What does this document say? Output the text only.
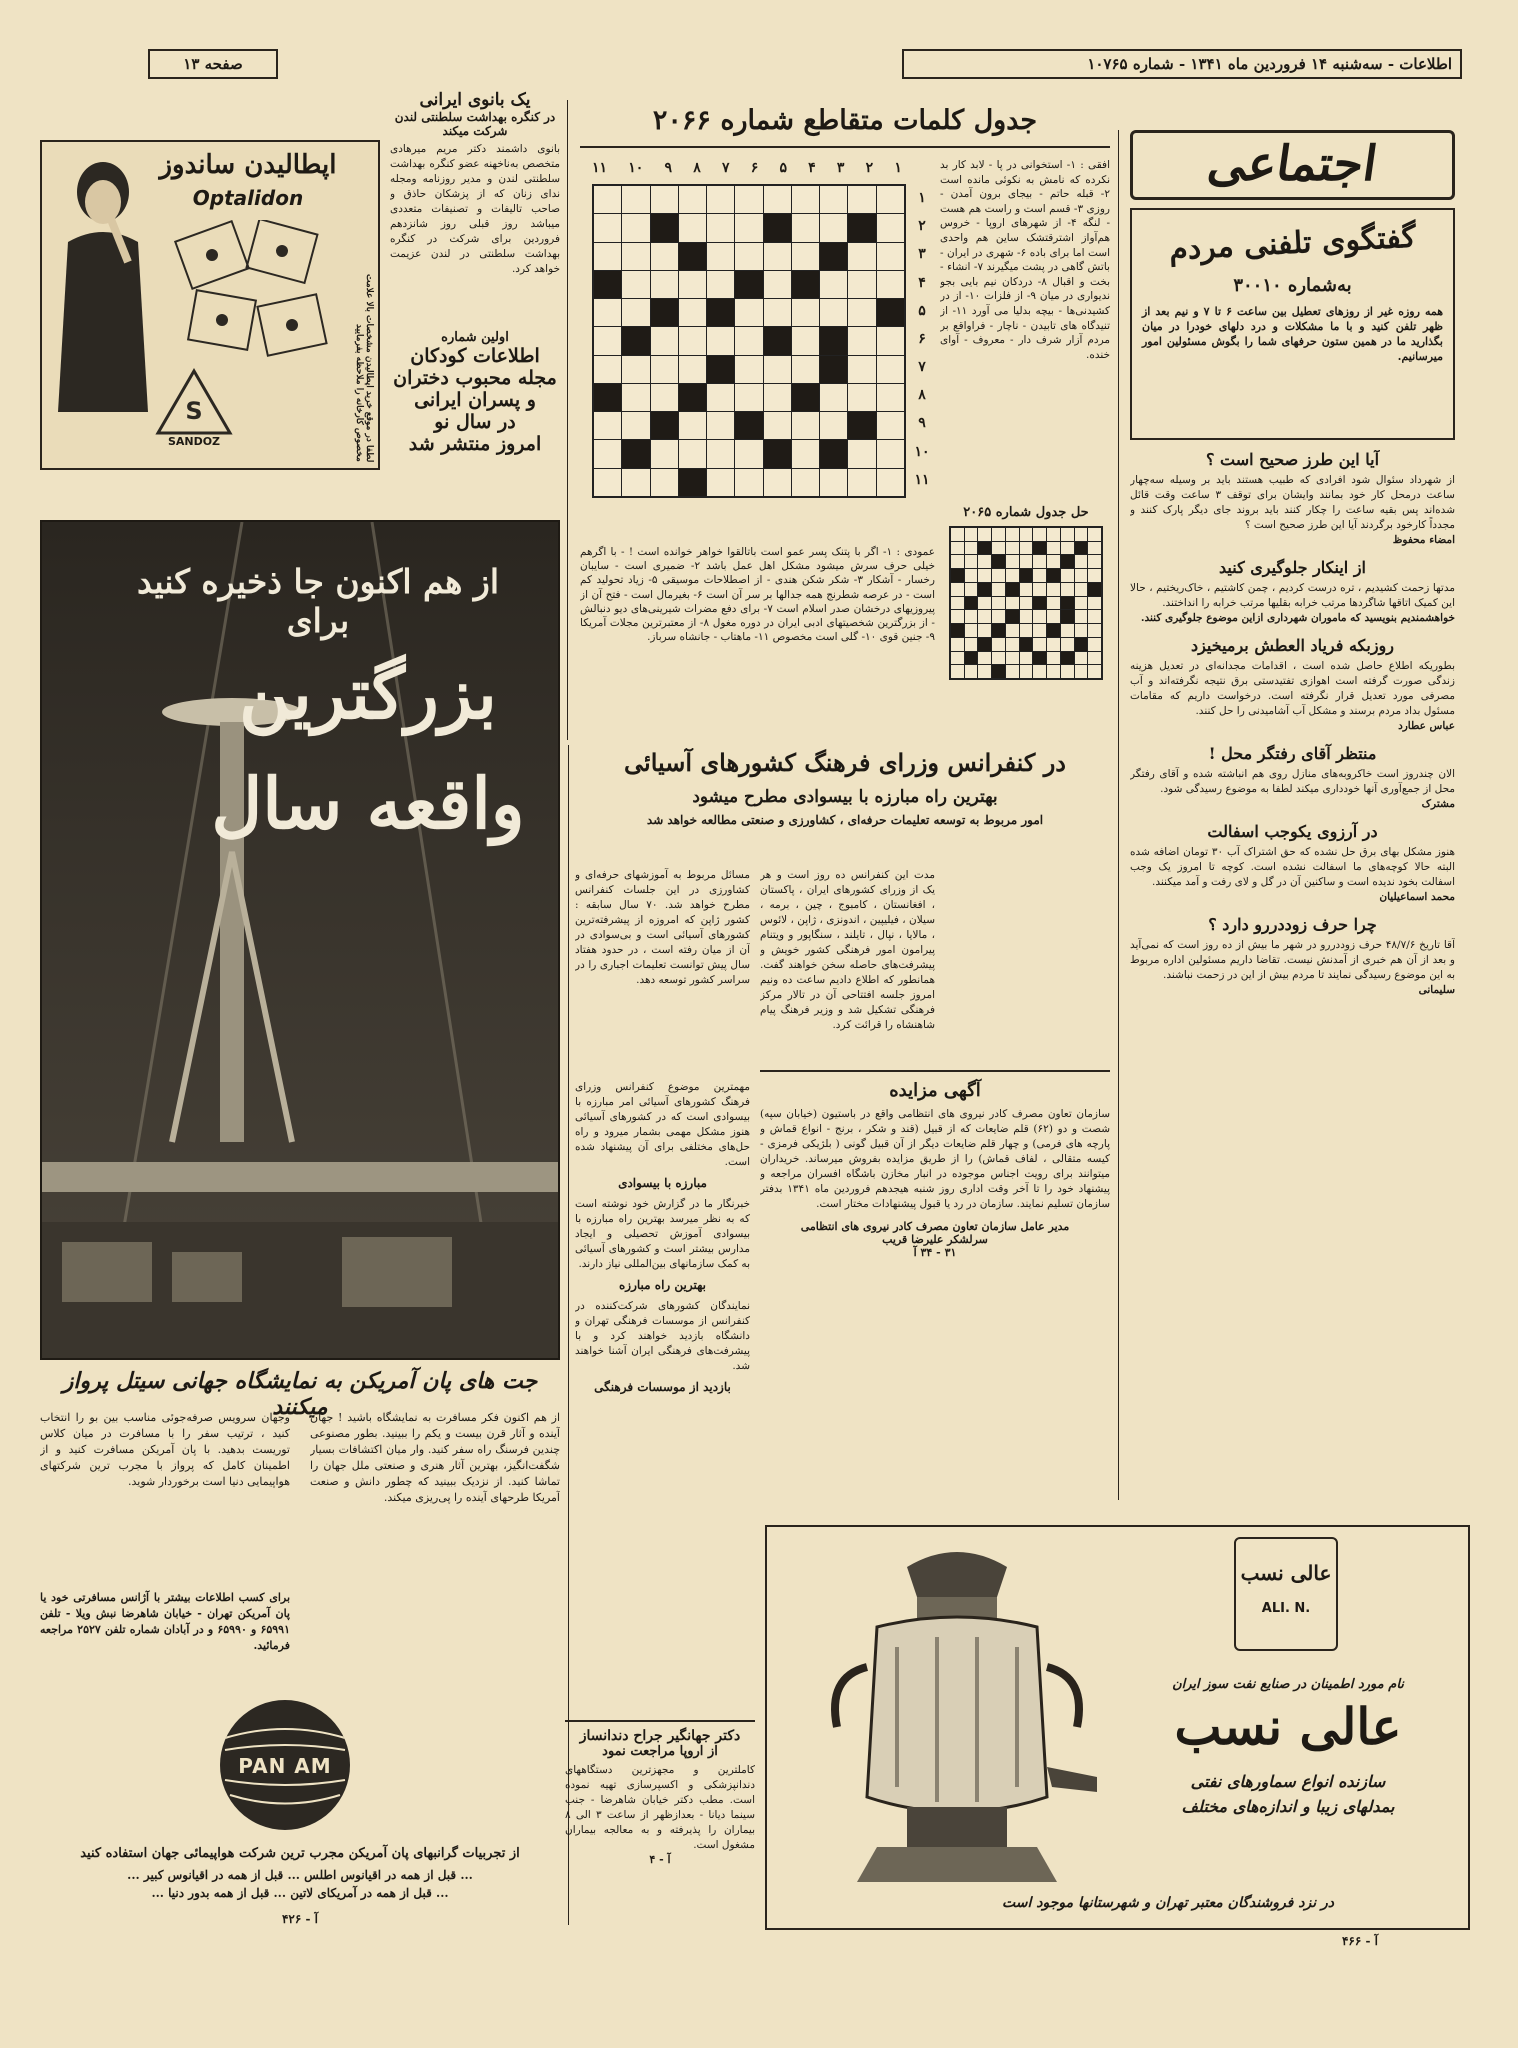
صفحه ۱۳	اطلاعات - سه‌شنبه ۱۴ فروردین ماه ۱۳۴۱ - شماره ۱۰۷۶۵
اجتماعی
گفتگوی تلفنی مردم
به‌شماره ۳۰۰۱۰
همه روزه غیر از روزهای تعطیل بین ساعت ۶ تا ۷ و نیم بعد از ظهر تلفن کنید و با ما مشکلات و درد دلهای خودرا در میان بگذارید ما در همین ستون حرفهای شما را بگوش مسئولین امور میرسانیم.
آیا این طرز صحیح است ؟
از شهرداد سئوال شود افرادی که طبیب هستند باید بر وسیله سه‌چهار ساعت درمحل کار خود بمانند وایشان برای توقف ۳ ساعت وقت قائل شده‌اند پس بقیه ساعت را چکار کنند باید بروند جای دیگر پارک کنند و مجدداً کارخود برگردند آیا این طرز صحیح است ؟
امضاء محفوظ
از اینکار جلوگیری کنید
مدتها زحمت کشیدیم ، تره درست کردیم ، چمن کاشتیم ، خاک‌ریختیم ، حالا این کمیک اتاقها شاگردها مرتب خرابه بقلیها مرتب خرابه را انداختند.
خواهشمندیم بنویسید که ماموران شهرداری ازاین موضوع جلوگیری کنند.
روزبکه فریاد العطش برمیخیزد
بطوریکه اطلاع حاصل شده است ، اقدامات مجدانه‌ای در تعدیل هزینه زندگی صورت گرفته است اهوازی تفتیدستی برق نتیجه نگرفته‌اند و آب مصرفی مورد تعدیل قرار نگرفته است. درخواست داریم که مقامات مسئول بداد مردم برسند و مشکل آب آشامیدنی را حل کنند.
عباس عطارد
منتظر آقای رفتگر محل !
الان چندروز است خاکروبه‌های منازل روی هم انباشته شده و آقای رفتگر محل از جمع‌آوری آنها خودداری میکند لطفا به موضوع رسیدگی شود.
مشترک
در آرزوی یکوجب اسفالت
هنوز مشکل بهای برق حل نشده که حق اشتراک آب ۳۰ تومان اضافه شده البته حالا کوچه‌های ما اسفالت نشده است. کوچه تا امروز یک وجب اسفالت بخود ندیده است و ساکنین آن در گل و لای رفت و آمد میکنند.
محمد اسماعیلیان
چرا حرف زوددررو دارد ؟
آقا تاریخ ۴۸/۷/۶ حرف زوددررو در شهر ما بیش از ده روز است که نمی‌آید و بعد از آن هم خبری از آمدنش نیست. تقاضا داریم مسئولین اداره مربوط به این موضوع رسیدگی نمایند تا مردم بیش از این در زحمت نباشند.
سلیمانی
جدول کلمات متقاطع شماره ۲۰۶۶
۱۱ ۱۰ ۹ ۸ ۷ ۶ ۵ ۴ ۳ ۲ ۱
۱
۲
۳
۴
۵
۶
۷
۸
۹
۱۰
۱۱
افقی : ۱- استخوانی در پا - لابد کار بد نکرده که نامش به نکوئی مانده است ۲- قبله حاتم - بیجای برون آمدن - روزی ۳- قسم است و راست هم هست - لنگه ۴- از شهرهای اروپا - خروس هم‌آواز اشترقتشک ساین هم واحدی است اما برای باده ۶- شهری در ایران - باتش گاهی در پشت میگیرند ۷- انشاء - بخت و اقبال ۸- دردکان نیم بایی بجو ندیواری در میان ۹- از فلزات ۱۰- از در کشیدنی‌ها - بیچه بدلیا می آورد ۱۱- از تنیدگاه های تابیدن - ناچار - فراواقع بر مردم آزار شرف دار - معروف - آوای خنده.
عمودی : ۱- اگر با پتنک پسر عمو است باتالقوا خواهر خوانده است ! - با اگرهم خیلی حرف سرش میشود مشکل اهل عمل باشد ۲- ضمیری است - سایبان رخسار - آشکار ۳- شکر شکن هندی - از اصطلاحات موسیقی ۵- زیاد تحولید کم است - در عرصه شطرنج همه جدالها بر سر آن است ۶- بغیرمال است - فتح آن از پیروزیهای درخشان صدر اسلام است ۷- برای دفع مضرات شیرینی‌های دیو دنبالش - از بزرگترین شخصیتهای ادبی ایران در دوره مغول ۸- از معتبرترین مجلات آمریکا ۹- جنین قوی ۱۰- گلی است مخصوص ۱۱- ماهتاب - جانشاه سرباز.
حل جدول شماره ۲۰۶۵
یک بانوی ایرانی
در کنگره بهداشت سلطنتی لندن شرکت میکند
بانوی داشمند دکتر مریم میرهادی متخصص به‌ناخهنه عضو کنگره بهداشت سلطنتی لندن و مدیر روزنامه ومجله ندای زنان که از پزشکان حاذق و صاحب تالیفات و تصنیفات متعددی میباشد روز قبلی روز شانزدهم فروردین برای شرکت در کنگره بهداشت سلطنتی در لندن عزیمت خواهد کرد.
اولین شماره
اطلاعات کودکان
مجله محبوب دختران
و پسران ایرانی
در سال نو
امروز منتشر شد
اپطالیدن ساندوز
Optalidon
S
SANDOZ	لطفا در موقع خرید اپطالیدن مشخصات بالا علامت مخصوص کارخانه را ملاحظه بفرمایید
از هم اکنون جا ذخیره کنید برای
بزرگترین
واقعه سال
جت های پان آمریکن به نمایشگاه جهانی سیتل پرواز میکنند
از هم اکنون فکر مسافرت به نمایشگاه باشید ! جهان آینده و آثار قرن بیست و یکم را ببینید. بطور مصنوعی چندین فرسنگ راه سفر کنید. وار میان اکتشافات بسیار شگفت‌انگیز، بهترین آثار هنری و صنعتی ملل جهان را تماشا کنید. از نزدیک ببینید که چطور دانش و صنعت آمریکا طرحهای آینده را پی‌ریزی میکند.
وجهان سرویس صرفه‌جوئی مناسب بین بو را انتخاب کنید ، ترتیب سفر را با مسافرت در میان کلاس توریست بدهید. با پان آمریکن مسافرت کنید و از اطمینان کامل که پرواز با مجرب ترین شرکتهای هواپیمایی دنیا است برخوردار شوید.
برای کسب اطلاعات بیشتر با آژانس مسافرتی خود یا پان آمریکن تهران - خیابان شاهرضا نبش ویلا - تلفن ۶۵۹۹۱ و ۶۵۹۹۰ و در آبادان شماره تلفن ۲۵۲۷ مراجعه فرمائید.
PAN AM
از تجربیات گرانبهای پان آمریکن مجرب ترین شرکت هواپیمائی جهان استفاده کنید
... قبل از همه در اقیانوس اطلس ... قبل از همه در اقیانوس کبیر ...
... قبل از همه در آمریکای لاتین ... قبل از همه بدور دنیا ...
آ - ۴۲۶
در کنفرانس وزرای فرهنگ کشورهای آسیائی
بهترین راه مبارزه با بیسوادی مطرح میشود
امور مربوط به توسعه تعلیمات حرفه‌ای ، کشاورزی و صنعتی مطالعه خواهد شد
مدت این کنفرانس ده روز است و هر یک از وزرای کشورهای ایران ، پاکستان ، افغانستان ، کامبوج ، چین ، برمه ، سیلان ، فیلیپین ، اندونزی ، ژاپن ، لائوس ، مالایا ، نپال ، تایلند ، سنگاپور و ویتنام پیرامون امور فرهنگی کشور خویش و پیشرفت‌های حاصله سخن خواهند گفت. همانطور که اطلاع دادیم ساعت ده ونیم امروز جلسه افتتاحی آن در تالار مرکز فرهنگی تشکیل شد و وزیر فرهنگ پیام شاهنشاه را قرائت کرد.
مسائل مربوط به آموزشهای حرفه‌ای و کشاورزی در این جلسات کنفرانس مطرح خواهد شد. ۷۰ سال سابقه : کشور ژاپن که امروزه از پیشرفته‌ترین کشورهای آسیائی است و بی‌سوادی در آن از میان رفته است ، در حدود هفتاد سال پیش توانست تعلیمات اجباری را در سراسر کشور توسعه دهد.
مهمترین موضوع کنفرانس وزرای فرهنگ کشورهای آسیائی امر مبارزه با بیسوادی است که در کشورهای آسیائی هنوز مشکل مهمی بشمار میرود و راه حل‌های مختلفی برای آن پیشنهاد شده است.
مبارزه با بیسوادی
خبرنگار ما در گزارش خود نوشته است که به نظر میرسد بهترین راه مبارزه با بیسوادی آموزش تحصیلی و ایجاد مدارس بیشتر است و کشورهای آسیائی به کمک سازمانهای بین‌المللی نیاز دارند.
بهترین راه مبارزه
نمایندگان کشورهای شرکت‌کننده در کنفرانس از موسسات فرهنگی تهران و دانشگاه بازدید خواهند کرد و با پیشرفت‌های فرهنگی ایران آشنا خواهند شد.
بازدید از موسسات فرهنگی
آگهی مزایده
سازمان تعاون مصرف کادر نیروی های انتظامی واقع در باستیون (خیابان سپه) شصت و دو (۶۲) قلم ضایعات که از قبیل (قند و شکر ، برنج - انواع قماش و پارچه های فرمی) و چهار قلم ضایعات دیگر از آن قبیل گونی ( بلژیکی فرمزی - کیسه متقالی ، لفاف قماش) را از طریق مزایده بفروش میرساند. خریداران میتوانند برای رویت اجناس موجوده در انبار مخازن باشگاه افسران مراجعه و پیشنهاد خود را تا آخر وقت اداری روز شنبه هیجدهم فروردین ماه ۱۳۴۱ بدفتر سازمان تسلیم نمایند. سازمان در رد یا قبول پیشنهادات مختار است.
مدیر عامل سازمان تعاون مصرف کادر نیروی های انتظامی
سرلشکر علیرضا قریب
۳۱ - ۳۴ آ
دکتر جهانگیر جراح دندانساز
از اروپا مراجعت نمود
کاملترین و مجهزترین دستگاههای دندانپزشکی و اکسپرسازی تهیه نموده است. مطب دکتر خیابان شاهرضا - جنب سینما دیانا - بعدازظهر از ساعت ۳ الی ۸ بیماران را پذیرفته و به معالجه بیماران مشغول است.
آ - ۴
عالی نسب
ALI. N.
نام مورد اطمینان در صنایع نفت سوز ایران
عالی نسب
سازنده انواع سماورهای نفتی
بمدلهای زیبا و اندازه‌های مختلف
در نزد فروشندگان معتبر تهران و شهرستانها موجود است
آ - ۴۶۶
